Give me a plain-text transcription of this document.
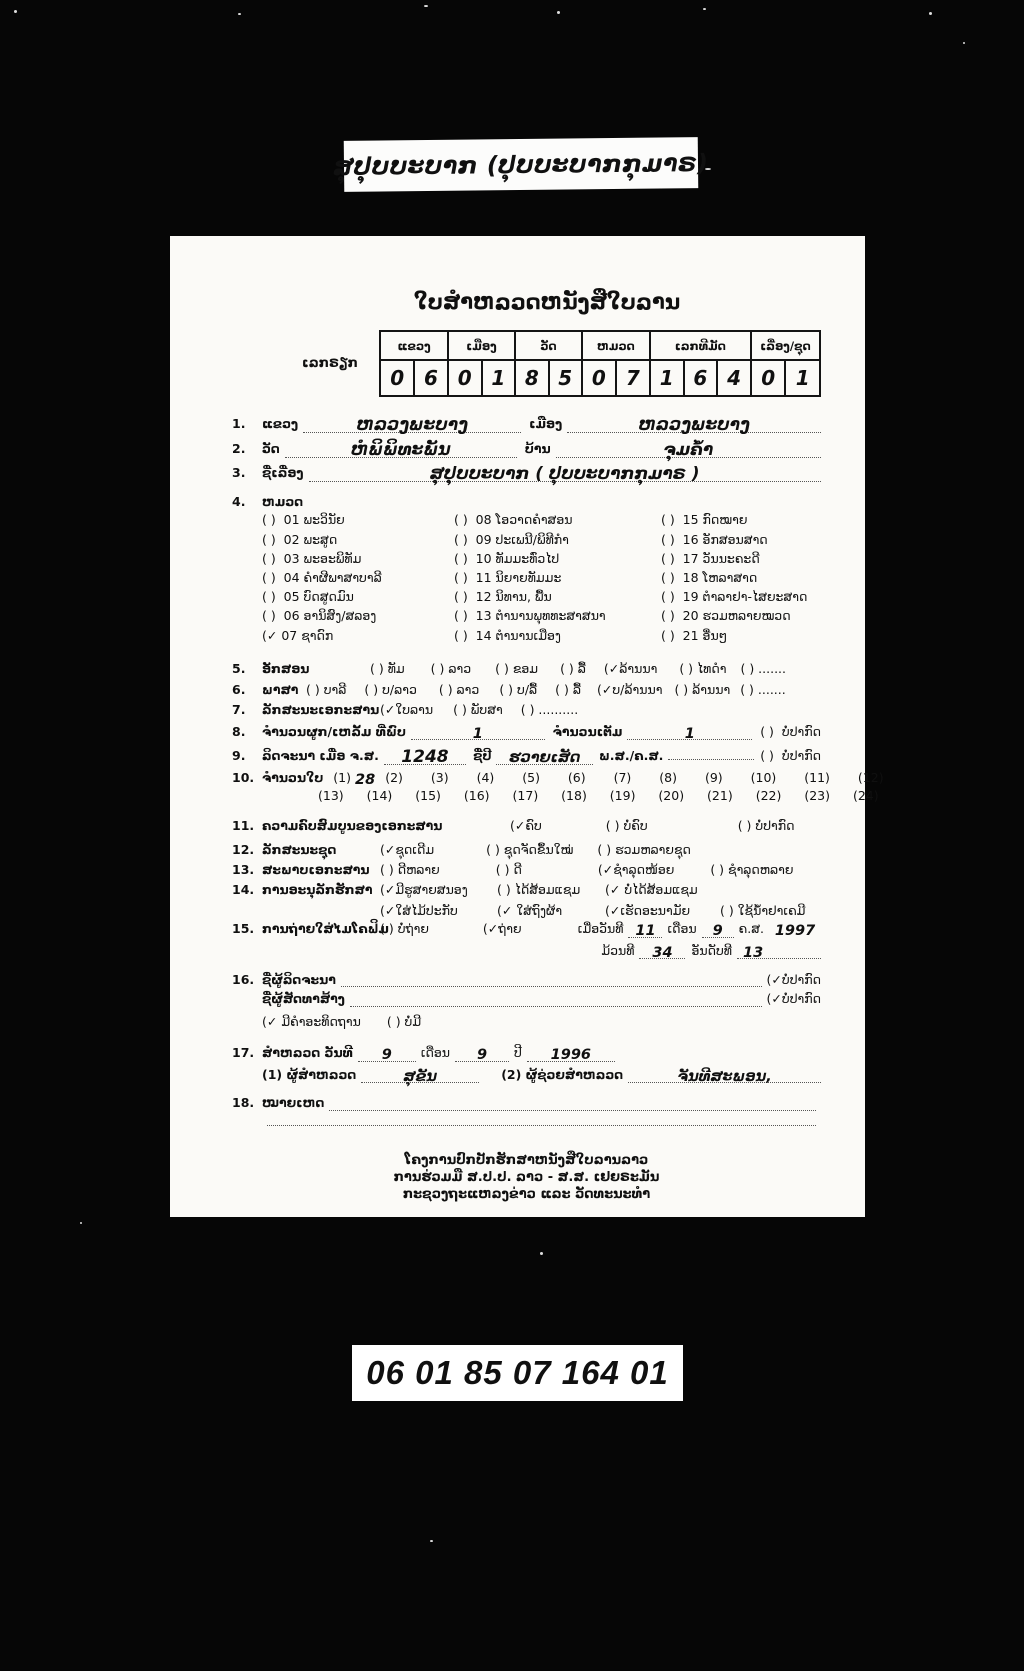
ສຸປຸບບະບາກ (ປຸບບະບາກກຸມາຣ)
ໃບສຳຫລວດຫນັງສືໃບລານ
ເລກຣຽກ
ແຂວງ		ເມືອງ		ວັດ		ຫມວດ		ເລກທີມັດ			ເລື່ອງ/ຊຸດ	
0	6	0	1	8	5	0	7	1	6	4	0	1
1.	ແຂວງ	ຫລວງພະບາງ	ເມືອງ	ຫລວງພະບາງ
2.	ວັດ	ຫໍພິພິທະພັນ	ບ້ານ	ຈຸມຄ້ຳ
3.	ຊື່ເລື່ອງ	ສຸປຸບບະບາກ ( ປຸບບະບາກກຸມາຣ )
4.	ຫມວດ
( )  01 ພະວິນັຍ
( )  02 ພະສູດ
( )  03 ພະອະພິທັມ
( )  04 ຄຳຜີພາສາບາລີ
( )  05 ບົດສູດມົນ
( )  06 ອານິສົງ/ສລອງ
(✓ 07 ຊາດົກ
( )  08 ໂອວາດຄຳສອນ
( )  09 ປະເພນີ/ພິທີກຳ
( )  10 ທັມມະທົ່ວໄປ
( )  11 ນິຍາຍທັມມະ
( )  12 ນິທານ, ພື້ນ
( )  13 ຕຳນານພຸທທະສາສນາ
( )  14 ຕຳນານເມືອງ
( )  15 ກົດໝາຍ
( )  16 ອັກສອນສາດ
( )  17 ວັນນະຄະດີ
( )  18 ໂຫລາສາດ
( )  19 ຕຳລາຢາ-ໄສຍະສາດ
( )  20 ຮວມຫລາຍໝວດ
( )  21 ອື່ນໆ
5.	ອັກສອນ	( ) ທັມ ( ) ລາວ ( ) ຂອມ ( ) ລື້ (✓ລ້ານນາ ( ) ໄທດຳ ( ) .......
6.	ພາສາ ( ) ບາລີ ( ) ບ/ລາວ ( ) ລາວ ( ) ບ/ລື້ ( ) ລື້ (✓ບ/ລ້ານນາ ( ) ລ້ານນາ ( ) .......
7.	ລັກສະນະເອກະສານ (✓ໃບລານ ( ) ພັບສາ ( ) ..........
8.	ຈຳນວນຜູກ/ເຫລັ້ມ ທີ່ພົບ	1	ຈຳນວນເຕັມ	1	( )  ບໍ່ປາກົດ
9.	ລິດຈະນາ ເມື່ອ ຈ.ສ. 1248 ຊື່ປີ ຮວາຍເສັດ ພ.ສ./ຄ.ສ.	( )  ບໍ່ປາກົດ
10. ຈຳນວນໃບ (1) 28 (2) (3) (4) (5) (6) (7) (8) (9) (10) (11) (12)
(13) (14) (15) (16) (17) (18) (19) (20) (21) (22) (23) (24)
11. ຄວາມຄົບສົມບູນຂອງເອກະສານ	(✓ຄົບ	( ) ບໍ່ຄົບ	( ) ບໍ່ປາກົດ
12. ລັກສະນະຊຸດ	(✓ຊຸດເດີມ	( ) ຊຸດຈັດຂຶ້ນໃໝ່ ( ) ຮວມຫລາຍຊຸດ
13. ສະພາບເອກະສານ ( ) ດີຫລາຍ	( ) ດີ	(✓ຊຳລຸດໜ້ອຍ	( ) ຊຳລຸດຫລາຍ
14. ການອະນຸລັກຮັກສາ (✓ມີຮູສາຍສນອງ	( ) ໄດ້ສ້ອມແຊມ	(✓ ບໍ່ໄດ້ສ້ອມແຊມ
(✓ໃສ່ໄມ້ປະກັບ	(✓ ໃສ່ຖົງຜ້າ	(✓ເຮັດອະນາມັຍ	( ) ໃຊ້ນ້ຳຢາເຄມີ
15. ການຖ່າຍໃສ່ໄມໂຄຟິມ
( ) ບໍ່ຖ່າຍ	(✓ຖ່າຍ	ເມື່ອວັນທີ 11 ເດືອນ 9 ຄ.ສ. 1997
ມ້ວນທີ 34 ອັນດັບທີ 13
16. ຊື່ຜູ້ລິດຈະນາ	(✓ບໍ່ປາກົດ
ຊື່ຜູ້ສັດທາສ້າງ	(✓ບໍ່ປາກົດ
(✓ ມີຄຳອະທິດຖານ ( ) ບໍ່ມີ
17. ສຳຫລວດ ວັນທີ 9 ເດືອນ 9 ປີ 1996
(1) ຜູ້ສຳຫລວດ	ສຸຂັນ	(2) ຜູ້ຊ່ວຍສຳຫລວດ	ຈັນທີສະພອນ,
18. ໝາຍເຫດ
ໂຄງການປົກປັກຮັກສາຫນັງສືໃບລານລາວ
ການຮ່ວມມື ສ.ປ.ປ. ລາວ - ສ.ສ. ເຢຍຣະມັນ
ກະຊວງຖະແຫລງຂ່າວ ແລະ ວັດທະນະທຳ
06 01 85 07 164 01
